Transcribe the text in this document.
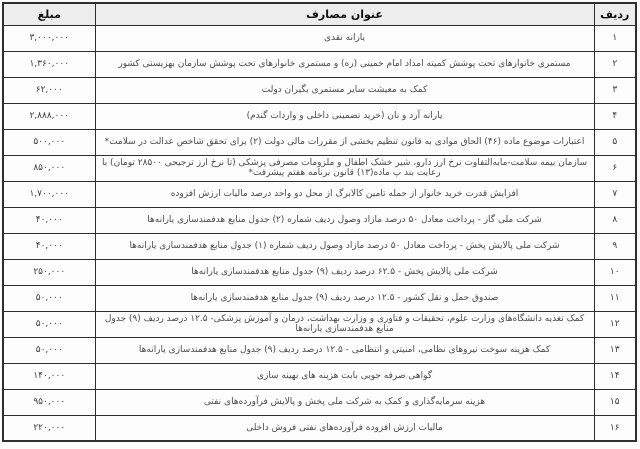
ردیف	عنوان مصارف	مبلغ
۱	یارانه نقدی	۳,۰۰۰,۰۰۰
۲	مستمری خانوارهای تحت پوشش کمیته امداد امام خمینی (ره) و مستمری خانوارهای تحت پوشش سازمان بهزیستی کشور	۱,۳۶۰,۰۰۰
۳	کمک به معیشت سایر مستمری بگیران دولت	۶۲,۰۰۰
۴	یارانه آرد و نان (خرید تضمینی داخلی و واردات گندم)	۲,۸۸۸,۰۰۰
۵	اعتبارات موضوع ماده (۴۶) الحاق موادی به قانون تنظیم بخشی از مقررات مالی دولت (۲) برای تحقق شاخص عدالت در سلامت*	۵۰۰,۰۰۰
۶	سازمان بیمه سلامت-مابه‌التفاوت نرخ ارز دارو، شیر خشک اطفال و ملزومات مصرفی پزشکی (تا نرخ ارز ترجیحی ۲۸۵۰۰ تومان) با رعایت بند پ ماده(۱۳) قانون برنامه هفتم پیشرفت*	۸۵۰,۰۰۰
۷	افزایش قدرت خرید خانوار از جمله تامین کالابرگ از محل دو واحد درصد مالیات ارزش افزوده	۱,۷۰۰,۰۰۰
۸	شرکت ملی گاز - پرداخت معادل ۵۰ درصد مازاد وصول ردیف شماره (۲) جدول منابع هدفمندسازی یارانه‌ها	۴۰,۰۰۰
۹	شرکت ملی پالایش پخش - پرداخت معادل ۵۰ درصد مازاد وصول ردیف شماره (۱) جدول منابع هدفمندسازی یارانه‌ها	۴۰,۰۰۰
۱۰	شرکت ملی پالایش پخش - ۶۲.۵ درصد ردیف (۹) جدول منابع هدفمندسازی یارانه‌ها	۲۵۰,۰۰۰
۱۱	صندوق حمل و نقل کشور - ۱۲.۵ درصد ردیف (۹) جدول منابع هدفمندسازی یارانه‌ها	۵۰,۰۰۰
۱۲	کمک تغذیه دانشگاه‌های وزارت علوم، تحقیقات و فناوری و وزارت بهداشت، درمان و آموزش پزشکی- ۱۲.۵ درصد ردیف (۹) جدول منابع هدفمندسازی یارانه‌ها	۵۰,۰۰۰
۱۳	کمک هزینه سوخت نیروهای نظامی، امنیتی و انتظامی - ۱۲.۵ درصد ردیف (۹) جدول منابع هدفمندسازی یارانه‌ها	۵۰,۰۰۰
۱۴	گواهی صرفه جویی بابت هزینه های بهینه سازی	۱۴۰,۰۰۰
۱۵	هزینه سرمایه‌گذاری و کمک به شرکت ملی پخش و پالایش فرآورده‌های نفتی	۹۵۰,۰۰۰
۱۶	مالیات ارزش افزوده فرآورده‌های نفتی فروش داخلی	۲۲۰,۰۰۰
